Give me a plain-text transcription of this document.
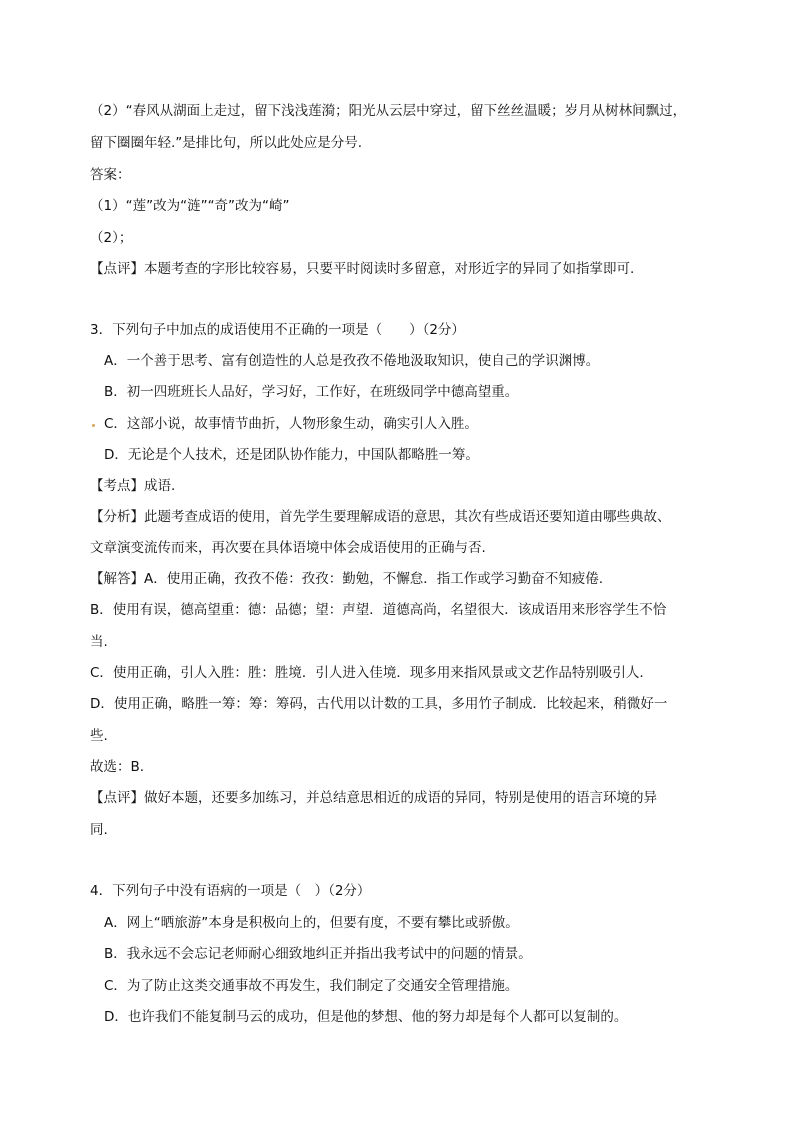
（2）“春风从湖面上走过，留下浅浅莲漪；阳光从云层中穿过，留下丝丝温暖；岁月从树林间飘过，
留下圈圈年轻.”是排比句，所以此处应是分号.
答案：
（1）“莲”改为“涟”“奇”改为“崎”
（2）；
【点评】本题考查的字形比较容易，只要平时阅读时多留意，对形近字的异同了如指掌即可.
3．下列句子中加点的成语使用不正确的一项是（　　）（2分）
A．一个善于思考、富有创造性的人总是孜孜不倦地汲取知识，使自己的学识渊博。
B．初一四班班长人品好，学习好，工作好，在班级同学中德高望重。
C．这部小说，故事情节曲折，人物形象生动，确实引人入胜。
D．无论是个人技术，还是团队协作能力，中国队都略胜一筹。
【考点】成语.
【分析】此题考查成语的使用，首先学生要理解成语的意思，其次有些成语还要知道由哪些典故、
文章演变流传而来，再次要在具体语境中体会成语使用的正确与否.
【解答】A．使用正确，孜孜不倦：孜孜：勤勉，不懈怠．指工作或学习勤奋不知疲倦.
B．使用有误，德高望重：德：品德；望：声望．道德高尚，名望很大．该成语用来形容学生不恰
当.
C．使用正确，引人入胜：胜：胜境．引人进入佳境．现多用来指风景或文艺作品特别吸引人.
D．使用正确，略胜一筹：筹：筹码，古代用以计数的工具，多用竹子制成．比较起来，稍微好一
些.
故选：B.
【点评】做好本题，还要多加练习，并总结意思相近的成语的异同，特别是使用的语言环境的异
同.
4．下列句子中没有语病的一项是（　）（2分）
A．网上“晒旅游”本身是积极向上的，但要有度，不要有攀比或骄傲。
B．我永远不会忘记老师耐心细致地纠正并指出我考试中的问题的情景。
C．为了防止这类交通事故不再发生，我们制定了交通安全管理措施。
D．也许我们不能复制马云的成功，但是他的梦想、他的努力却是每个人都可以复制的。
